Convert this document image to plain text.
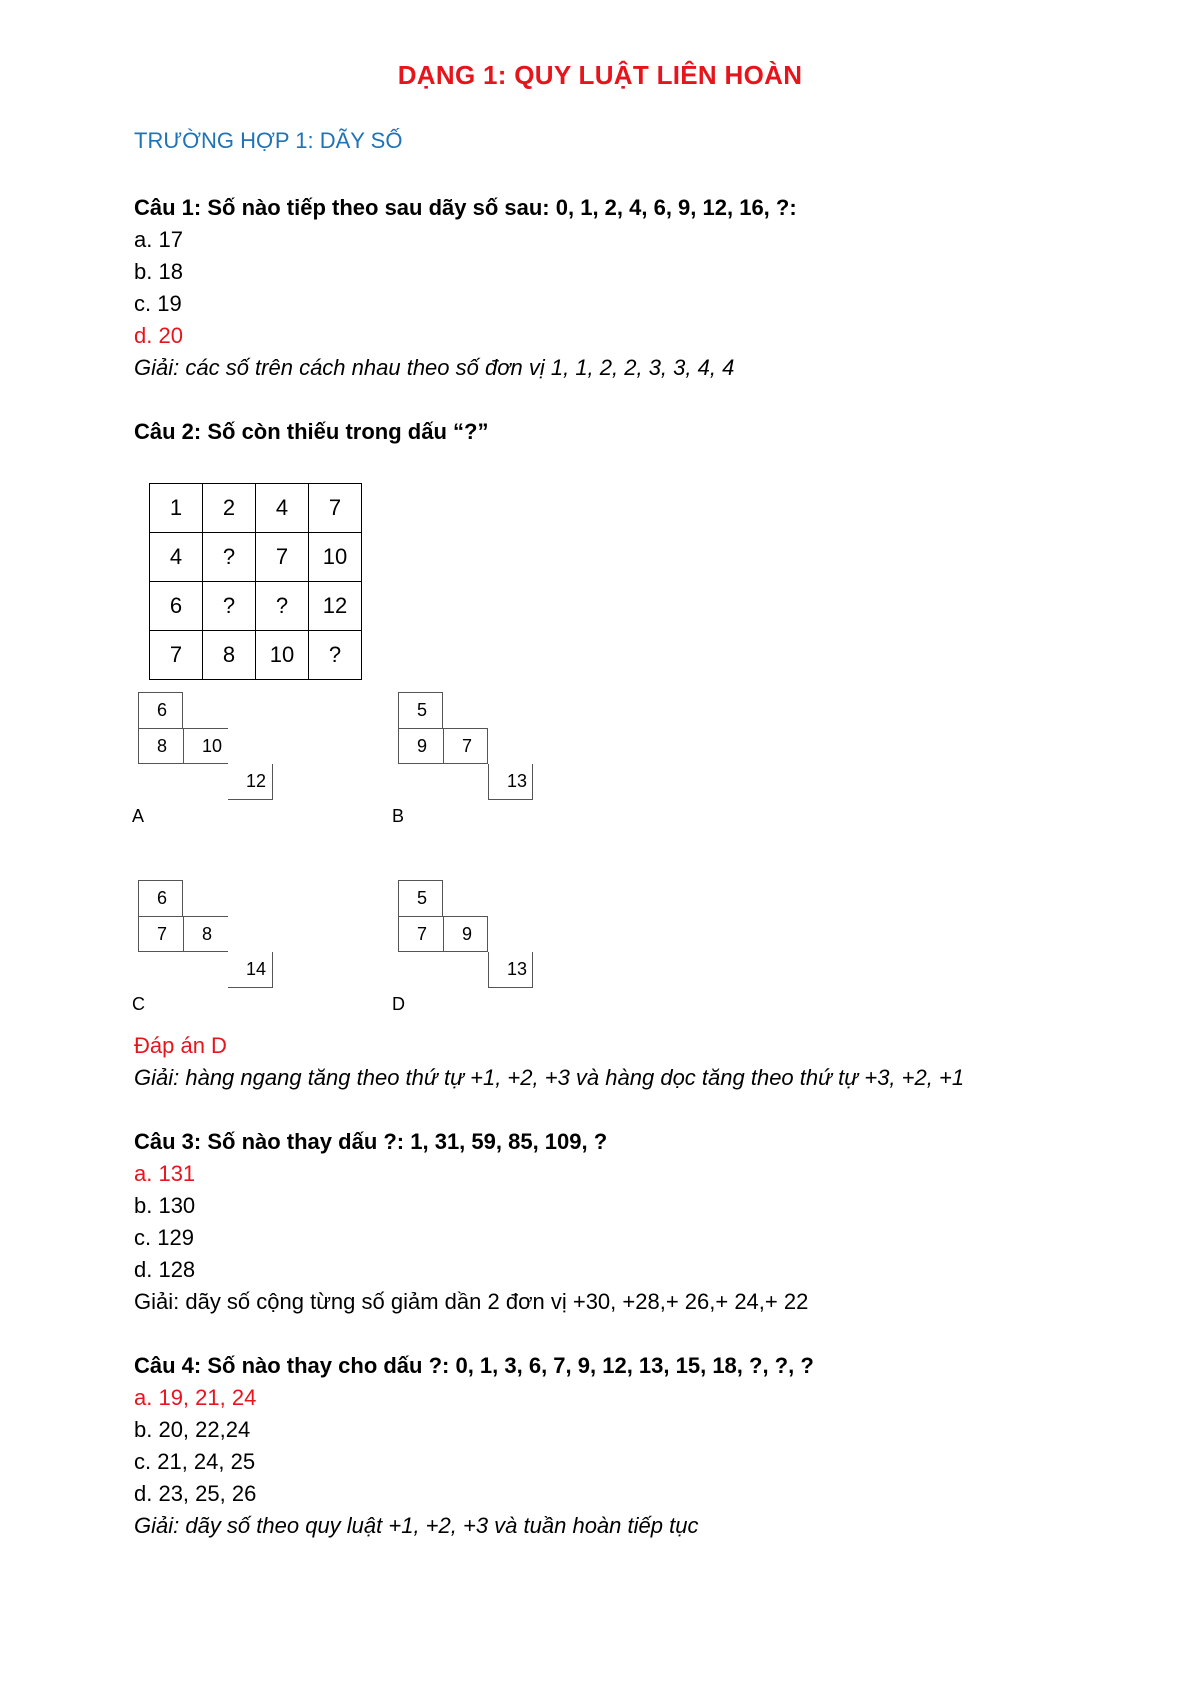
DẠNG 1: QUY LUẬT LIÊN HOÀN
TRƯỜNG HỢP 1: DÃY SỐ
Câu 1: Số nào tiếp theo sau dãy số sau: 0, 1, 2, 4, 6, 9, 12, 16, ?:
a. 17
b. 18
c. 19
d. 20
Giải: các số trên cách nhau theo số đơn vị 1, 1, 2, 2, 3, 3, 4, 4
Câu 2: Số còn thiếu trong dấu “?”
1	2	4	7
4	?	7	10
6	?	?	12
7	8	10	?
6
8	10
12
A
5
9	7
13
B
6
7	8
14
C
5
7	9
13
D
Đáp án D
Giải: hàng ngang tăng theo thứ tự +1, +2, +3 và hàng dọc tăng theo thứ tự +3, +2, +1
Câu 3: Số nào thay dấu ?: 1, 31, 59, 85, 109, ?
a. 131
b. 130
c. 129
d. 128
Giải: dãy số cộng từng số giảm dần 2 đơn vị +30, +28,+ 26,+ 24,+ 22
Câu 4: Số nào thay cho dấu ?: 0, 1, 3, 6, 7, 9, 12, 13, 15, 18, ?, ?, ?
a. 19, 21, 24
b. 20, 22,24
c. 21, 24, 25
d. 23, 25, 26
Giải: dãy số theo quy luật +1, +2, +3 và tuần hoàn tiếp tục
